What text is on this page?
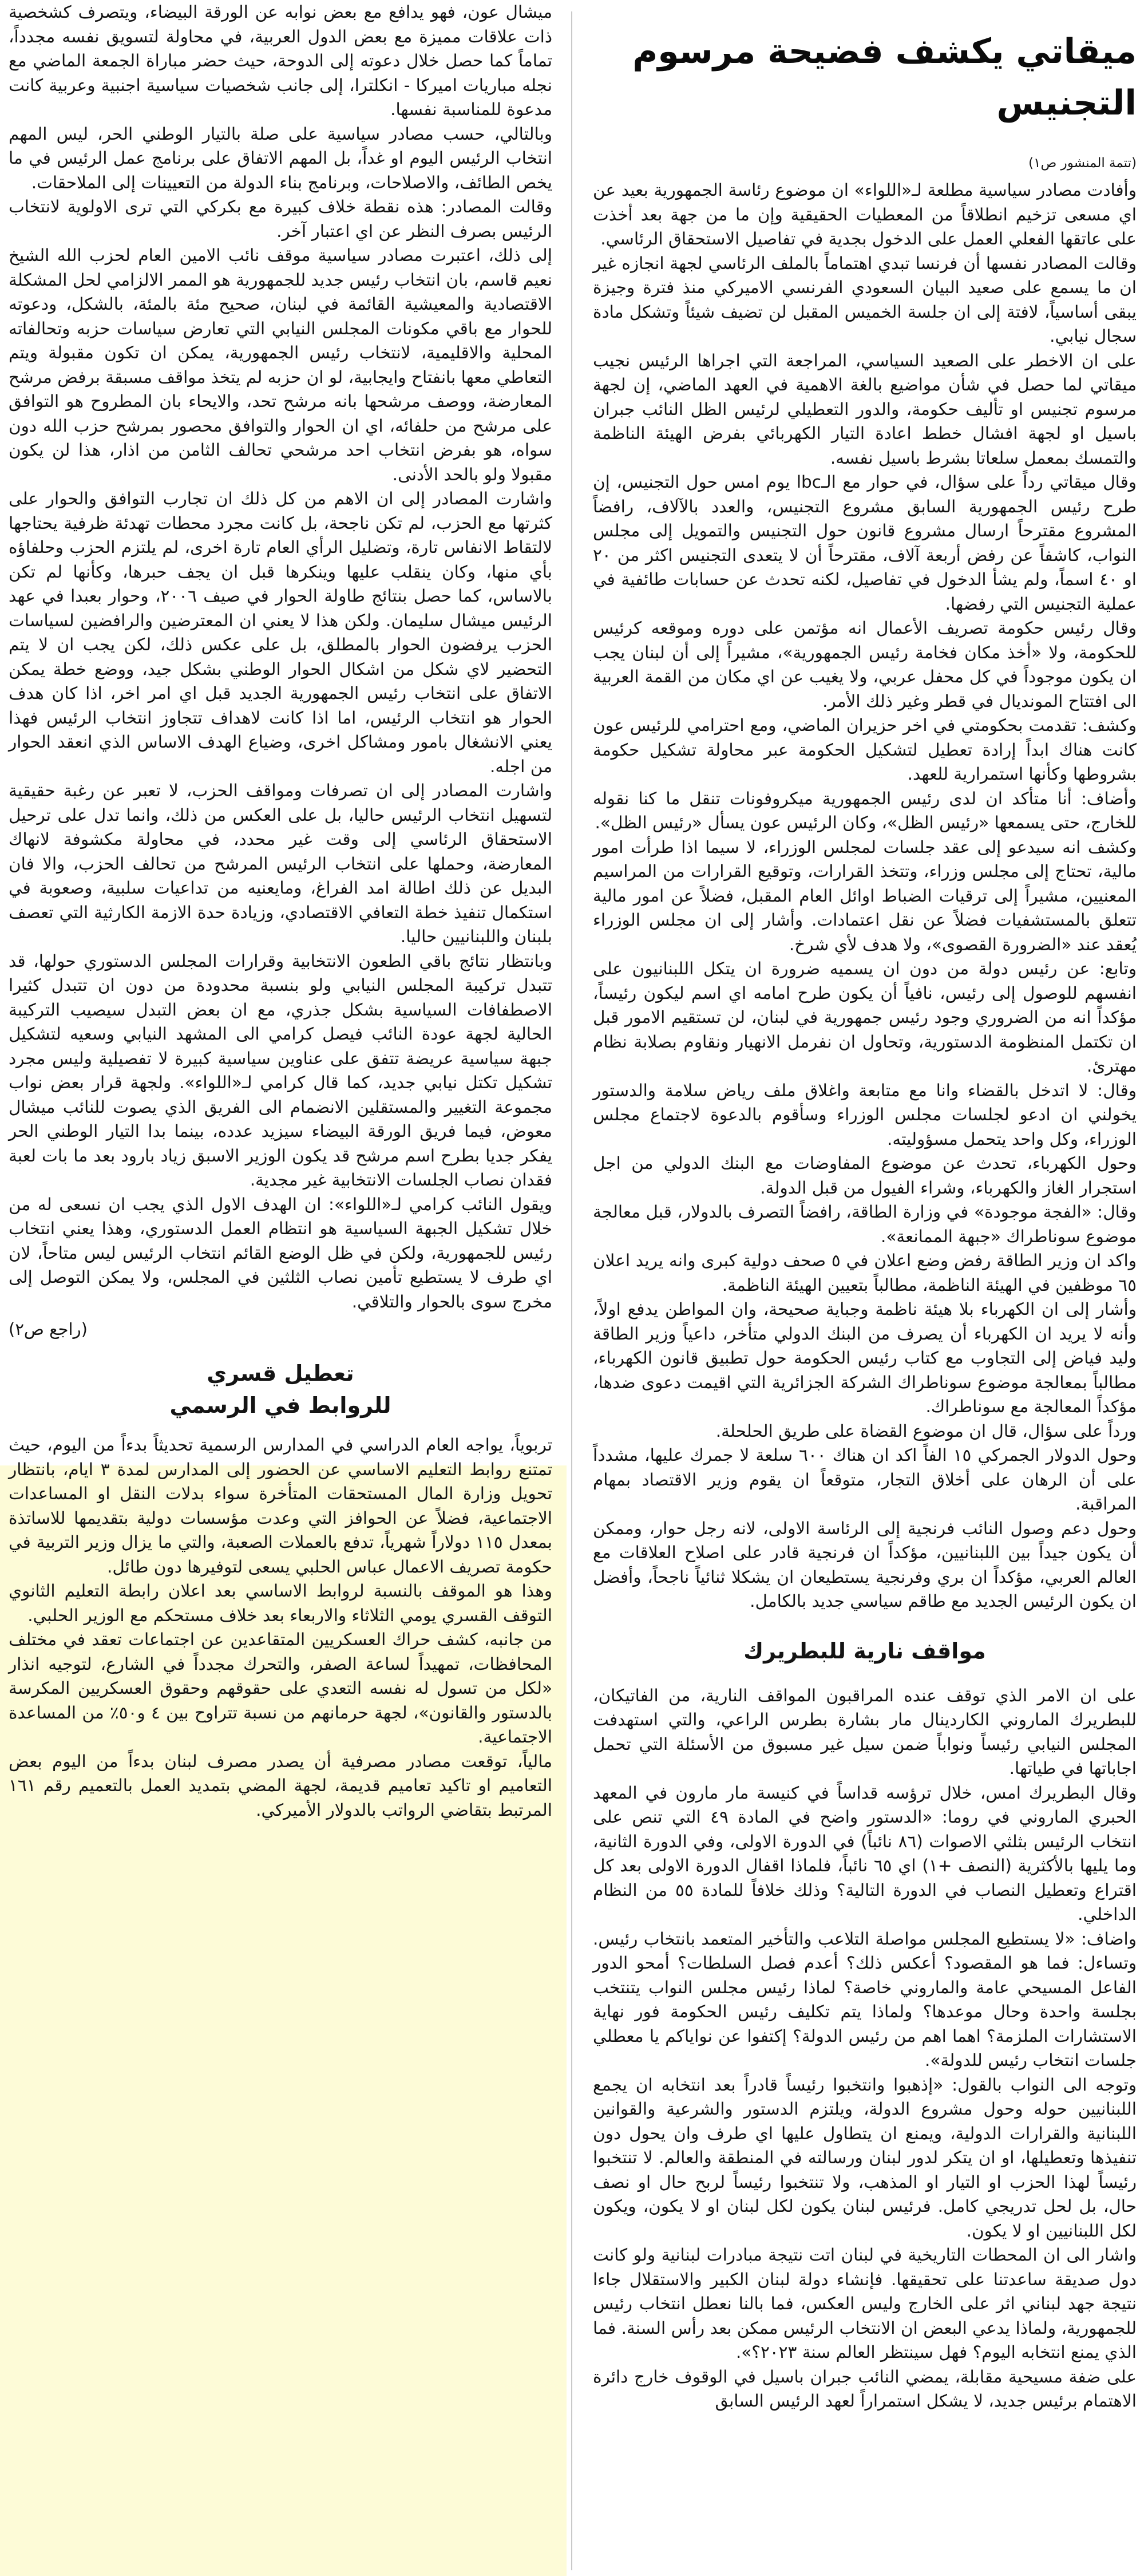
ميقاتي يكشف فضيحة مرسوم التجنيس
(تتمة المنشور ص١)

وأفادت مصادر سياسية مطلعة لـ«اللواء» ان موضوع رئاسة الجمهورية بعيد عن اي مسعى تزخيم انطلاقاً من المعطيات الحقيقية وإن ما من جهة بعد أخذت على عاتقها الفعلي العمل على الدخول بجدية في تفاصيل الاستحقاق الرئاسي.

وقالت المصادر نفسها أن فرنسا تبدي اهتماماً بالملف الرئاسي لجهة انجازه غير ان ما يسمع على صعيد البيان السعودي الفرنسي الاميركي منذ فترة وجيزة يبقى أساسياً، لافتة إلى ان جلسة الخميس المقبل لن تضيف شيئاً وتشكل مادة سجال نيابي.

على ان الاخطر على الصعيد السياسي، المراجعة التي اجراها الرئيس نجيب ميقاتي لما حصل في شأن مواضيع بالغة الاهمية في العهد الماضي، إن لجهة مرسوم تجنيس او تأليف حكومة، والدور التعطيلي لرئيس الظل النائب جبران باسيل او لجهة افشال خطط اعادة التيار الكهربائي بفرض الهيئة الناظمة والتمسك بمعمل سلعاتا بشرط باسيل نفسه.

وقال ميقاتي رداً على سؤال، في حوار مع الـlbc يوم امس حول التجنيس، إن طرح رئيس الجمهورية السابق مشروع التجنيس، والعدد بالآلاف، رافضاً المشروع مقترحاً ارسال مشروع قانون حول التجنيس والتمويل إلى مجلس النواب، كاشفاً عن رفض أربعة آلاف، مقترحاً أن لا يتعدى التجنيس اكثر من ٢٠ او ٤٠ اسماً، ولم يشأ الدخول في تفاصيل، لكنه تحدث عن حسابات طائفية في عملية التجنيس التي رفضها.

وقال رئيس حكومة تصريف الأعمال انه مؤتمن على دوره وموقعه كرئيس للحكومة، ولا «أخذ مكان فخامة رئيس الجمهورية»، مشيراً إلى أن لبنان يجب ان يكون موجوداً في كل محفل عربي، ولا يغيب عن اي مكان من القمة العربية الى افتتاح المونديال في قطر وغير ذلك الأمر.

وكشف: تقدمت بحكومتي في اخر حزيران الماضي، ومع احترامي للرئيس عون كانت هناك ابداً إرادة تعطيل لتشكيل الحكومة عبر محاولة تشكيل حكومة بشروطها وكأنها استمرارية للعهد.

وأضاف: أنا متأكد ان لدى رئيس الجمهورية ميكروفونات تنقل ما كنا نقوله للخارج، حتى يسمعها «رئيس الظل»، وكان الرئيس عون يسأل «رئيس الظل».

وكشف انه سيدعو إلى عقد جلسات لمجلس الوزراء، لا سيما اذا طرأت امور مالية، تحتاج إلى مجلس وزراء، وتتخذ القرارات، وتوقيع القرارات من المراسيم المعنيين، مشيراً إلى ترقيات الضباط اوائل العام المقبل، فضلاً عن امور مالية تتعلق بالمستشفيات فضلاً عن نقل اعتمادات. وأشار إلى ان مجلس الوزراء يُعقد عند «الضرورة القصوى»، ولا هدف لأي شرخ.

وتابع: عن رئيس دولة من دون ان يسميه ضرورة ان يتكل اللبنانيون على انفسهم للوصول إلى رئيس، نافياً أن يكون طرح امامه اي اسم ليكون رئيساً، مؤكداً انه من الضروري وجود رئيس جمهورية في لبنان، لن تستقيم الامور قبل ان تكتمل المنظومة الدستورية، وتحاول ان نفرمل الانهيار ونقاوم بصلابة نظام مهترئ.

وقال: لا اتدخل بالقضاء وانا مع متابعة واغلاق ملف رياض سلامة والدستور يخولني ان ادعو لجلسات مجلس الوزراء وسأقوم بالدعوة لاجتماع مجلس الوزراء، وكل واحد يتحمل مسؤوليته.

وحول الكهرباء، تحدث عن موضوع المفاوضات مع البنك الدولي من اجل استجرار الغاز والكهرباء، وشراء الفيول من قبل الدولة.

وقال: «الفجة موجودة» في وزارة الطاقة، رافضاً التصرف بالدولار، قبل معالجة موضوع سوناطراك «جبهة الممانعة».

واكد ان وزير الطاقة رفض وضع اعلان في ٥ صحف دولية كبرى وانه يريد اعلان ٦٥ موظفين في الهيئة الناظمة، مطالباً بتعيين الهيئة الناظمة.

وأشار إلى ان الكهرباء بلا هيئة ناظمة وجباية صحيحة، وان المواطن يدفع اولاً، وأنه لا يريد ان الكهرباء أن يصرف من البنك الدولي متأخر، داعياً وزير الطاقة وليد فياض إلى التجاوب مع كتاب رئيس الحكومة حول تطبيق قانون الكهرباء، مطالباً بمعالجة موضوع سوناطراك الشركة الجزائرية التي اقيمت دعوى ضدها، مؤكداً المعالجة مع سوناطراك.

ورداً على سؤال، قال ان موضوع القضاة على طريق الحلحلة.

وحول الدولار الجمركي ١٥ الفاً اكد ان هناك ٦٠٠ سلعة لا جمرك عليها، مشدداً على أن الرهان على أخلاق التجار، متوقعاً ان يقوم وزير الاقتصاد بمهام المراقبة.

وحول دعم وصول النائب فرنجية إلى الرئاسة الاولى، لانه رجل حوار، وممكن أن يكون جيداً بين اللبنانيين، مؤكداً ان فرنجية قادر على اصلاح العلاقات مع العالم العربي، مؤكداً ان بري وفرنجية يستطيعان ان يشكلا ثنائياً ناجحاً، وأفضل ان يكون الرئيس الجديد مع طاقم سياسي جديد بالكامل.

مواقف نارية للبطريرك

على ان الامر الذي توقف عنده المراقبون المواقف النارية، من الفاتيكان، للبطريرك الماروني الكاردينال مار بشارة بطرس الراعي، والتي استهدفت المجلس النيابي رئيساً ونواباً ضمن سيل غير مسبوق من الأسئلة التي تحمل اجاباتها في طياتها.

وقال البطريرك امس، خلال ترؤسه قداساً في كنيسة مار مارون في المعهد الحبري الماروني في روما: «الدستور واضح في المادة ٤٩ التي تنص على انتخاب الرئيس بثلثي الاصوات (٨٦ نائباً) في الدورة الاولى، وفي الدورة الثانية، وما يليها بالأكثرية (النصف +١) اي ٦٥ نائباً، فلماذا اقفال الدورة الاولى بعد كل اقتراع وتعطيل النصاب في الدورة التالية؟ وذلك خلافاً للمادة ٥٥ من النظام الداخلي.

واضاف: «لا يستطيع المجلس مواصلة التلاعب والتأخير المتعمد بانتخاب رئيس. وتساءل: فما هو المقصود؟ أعكس ذلك؟ أعدم فصل السلطات؟ أمحو الدور الفاعل المسيحي عامة والماروني خاصة؟ لماذا رئيس مجلس النواب يتنتخب بجلسة واحدة وحال موعدها؟ ولماذا يتم تكليف رئيس الحكومة فور نهاية الاستشارات الملزمة؟ اهما اهم من رئيس الدولة؟ إكتفوا عن نواياكم يا معطلي جلسات انتخاب رئيس للدولة».

وتوجه الى النواب بالقول: «إذهبوا وانتخبوا رئيساً قادراً بعد انتخابه ان يجمع اللبنانيين حوله وحول مشروع الدولة، ويلتزم الدستور والشرعية والقوانين اللبنانية والقرارات الدولية، ويمنع ان يتطاول عليها اي طرف وان يحول دون تنفيذها وتعطيلها، او ان يتكر لدور لبنان ورسالته في المنطقة والعالم. لا تنتخبوا رئيساً لهذا الحزب او التيار او المذهب، ولا تنتخبوا رئيساً لربح حال او نصف حال، بل لحل تدريجي كامل. فرئيس لبنان يكون لكل لبنان او لا يكون، ويكون لكل اللبنانيين او لا يكون.

واشار الى ان المحطات التاريخية في لبنان اتت نتيجة مبادرات لبنانية ولو كانت دول صديقة ساعدتنا على تحقيقها. فإنشاء دولة لبنان الكبير والاستقلال جاءا نتيجة جهد لبناني اثر على الخارج وليس العكس، فما بالنا نعطل انتخاب رئيس للجمهورية، ولماذا يدعي البعض ان الانتخاب الرئيس ممكن بعد رأس السنة. فما الذي يمنع انتخابه اليوم؟ فهل سينتظر العالم سنة ٢٠٢٣؟».

على ضفة مسيحية مقابلة، يمضي النائب جبران باسيل في الوقوف خارج دائرة الاهتمام برئيس جديد، لا يشكل استمراراً لعهد الرئيس السابق

ميشال عون، فهو يدافع مع بعض نوابه عن الورقة البيضاء، ويتصرف كشخصية ذات علاقات مميزة مع بعض الدول العربية، في محاولة لتسويق نفسه مجدداً، تماماً كما حصل خلال دعوته إلى الدوحة، حيث حضر مباراة الجمعة الماضي مع نجله مباريات اميركا - انكلترا، إلى جانب شخصيات سياسية اجنبية وعربية كانت مدعوة للمناسبة نفسها.

وبالتالي، حسب مصادر سياسية على صلة بالتيار الوطني الحر، ليس المهم انتخاب الرئيس اليوم او غداً، بل المهم الاتفاق على برنامج عمل الرئيس في ما يخص الطائف، والاصلاحات، وبرنامج بناء الدولة من التعيينات إلى الملاحقات.

وقالت المصادر: هذه نقطة خلاف كبيرة مع بكركي التي ترى الاولوية لانتخاب الرئيس بصرف النظر عن اي اعتبار آخر.

إلى ذلك، اعتبرت مصادر سياسية موقف نائب الامين العام لحزب الله الشيخ نعيم قاسم، بان انتخاب رئيس جديد للجمهورية هو الممر الالزامي لحل المشكلة الاقتصادية والمعيشية القائمة في لبنان، صحيح مئة بالمئة، بالشكل، ودعوته للحوار مع باقي مكونات المجلس النيابي التي تعارض سياسات حزبه وتحالفاته المحلية والاقليمية، لانتخاب رئيس الجمهورية، يمكن ان تكون مقبولة ويتم التعاطي معها بانفتاح وايجابية، لو ان حزبه لم يتخذ مواقف مسبقة برفض مرشح المعارضة، ووصف مرشحها بانه مرشح تحد، والايحاء بان المطروح هو التوافق على مرشح من حلفائه، اي ان الحوار والتوافق محصور بمرشح حزب الله دون سواه، هو بفرض انتخاب احد مرشحي تحالف الثامن من اذار، هذا لن يكون مقبولا ولو بالحد الأدنى.

واشارت المصادر إلى ان الاهم من كل ذلك ان تجارب التوافق والحوار على كثرتها مع الحزب، لم تكن ناجحة، بل كانت مجرد محطات تهدئة ظرفية يحتاجها لالتقاط الانفاس تارة، وتضليل الرأي العام تارة اخرى، لم يلتزم الحزب وحلفاؤه بأي منها، وكان ينقلب عليها وينكرها قبل ان يجف حبرها، وكأنها لم تكن بالاساس، كما حصل بنتائج طاولة الحوار في صيف ٢٠٠٦، وحوار بعبدا في عهد الرئيس ميشال سليمان. ولكن هذا لا يعني ان المعترضين والرافضين لسياسات الحزب يرفضون الحوار بالمطلق، بل على عكس ذلك، لكن يجب ان لا يتم التحضير لاي شكل من اشكال الحوار الوطني بشكل جيد، ووضع خطة يمكن الاتفاق على انتخاب رئيس الجمهورية الجديد قبل اي امر اخر، اذا كان هدف الحوار هو انتخاب الرئيس، اما اذا كانت لاهداف تتجاوز انتخاب الرئيس فهذا يعني الانشغال بامور ومشاكل اخرى، وضياع الهدف الاساس الذي انعقد الحوار من اجله.

واشارت المصادر إلى ان تصرفات ومواقف الحزب، لا تعبر عن رغبة حقيقية لتسهيل انتخاب الرئيس حاليا، بل على العكس من ذلك، وانما تدل على ترحيل الاستحقاق الرئاسي إلى وقت غير محدد، في محاولة مكشوفة لانهاك المعارضة، وحملها على انتخاب الرئيس المرشح من تحالف الحزب، والا فان البديل عن ذلك اطالة امد الفراغ، ومايعنيه من تداعيات سلبية، وصعوبة في استكمال تنفيذ خطة التعافي الاقتصادي، وزيادة حدة الازمة الكارثية التي تعصف بلبنان واللبنانيين حاليا.

وبانتظار نتائج باقي الطعون الانتخابية وقرارات المجلس الدستوري حولها، قد تتبدل تركيبة المجلس النيابي ولو بنسبة محدودة من دون ان تتبدل كثيرا الاصطفافات السياسية بشكل جذري، مع ان بعض التبدل سيصيب التركيبة الحالية لجهة عودة النائب فيصل كرامي الى المشهد النيابي وسعيه لتشكيل جبهة سياسية عريضة تتفق على عناوين سياسية كبيرة لا تفصيلية وليس مجرد تشكيل تكتل نيابي جديد، كما قال كرامي لـ«اللواء». ولجهة قرار بعض نواب مجموعة التغيير والمستقلين الانضمام الى الفريق الذي يصوت للنائب ميشال معوض، فيما فريق الورقة البيضاء سيزيد عدده، بينما بدا التيار الوطني الحر يفكر جديا بطرح اسم مرشح قد يكون الوزير الاسبق زياد بارود بعد ما بات لعبة فقدان نصاب الجلسات الانتخابية غير مجدية.

ويقول النائب كرامي لـ«اللواء»: ان الهدف الاول الذي يجب ان نسعى له من خلال تشكيل الجبهة السياسية هو انتظام العمل الدستوري، وهذا يعني انتخاب رئيس للجمهورية، ولكن في ظل الوضع القائم انتخاب الرئيس ليس متاحاً، لان اي طرف لا يستطيع تأمين نصاب الثلثين في المجلس، ولا يمكن التوصل إلى مخرج سوى بالحوار والتلاقي.

(راجع ص٢)
تعطيل قسري
للروابط في الرسمي

تربوياً، يواجه العام الدراسي في المدارس الرسمية تحديثاً بدءاً من اليوم، حيث تمتنع روابط التعليم الاساسي عن الحضور إلى المدارس لمدة ٣ ايام، بانتظار تحويل وزارة المال المستحقات المتأخرة سواء بدلات النقل او المساعدات الاجتماعية، فضلاً عن الحوافز التي وعدت مؤسسات دولية بتقديمها للاساتذة بمعدل ١١٥ دولاراً شهرياً، تدفع بالعملات الصعبة، والتي ما يزال وزير التربية في حكومة تصريف الاعمال عباس الحلبي يسعى لتوفيرها دون طائل.

وهذا هو الموقف بالنسبة لروابط الاساسي بعد اعلان رابطة التعليم الثانوي التوقف القسري يومي الثلاثاء والاربعاء بعد خلاف مستحكم مع الوزير الحلبي.

من جانبه، كشف حراك العسكريين المتقاعدين عن اجتماعات تعقد في مختلف المحافظات، تمهيداً لساعة الصفر، والتحرك مجدداً في الشارع، لتوجيه انذار «لكل من تسول له نفسه التعدي على حقوقهم وحقوق العسكريين المكرسة بالدستور والقانون»، لجهة حرمانهم من نسبة تتراوح بين ٤ و٥٠٪ من المساعدة الاجتماعية.

مالياً، توقعت مصادر مصرفية أن يصدر مصرف لبنان بدءاً من اليوم بعض التعاميم او تاكيد تعاميم قديمة، لجهة المضي بتمديد العمل بالتعميم رقم ١٦١ المرتبط بتقاضي الرواتب بالدولار الأميركي.
